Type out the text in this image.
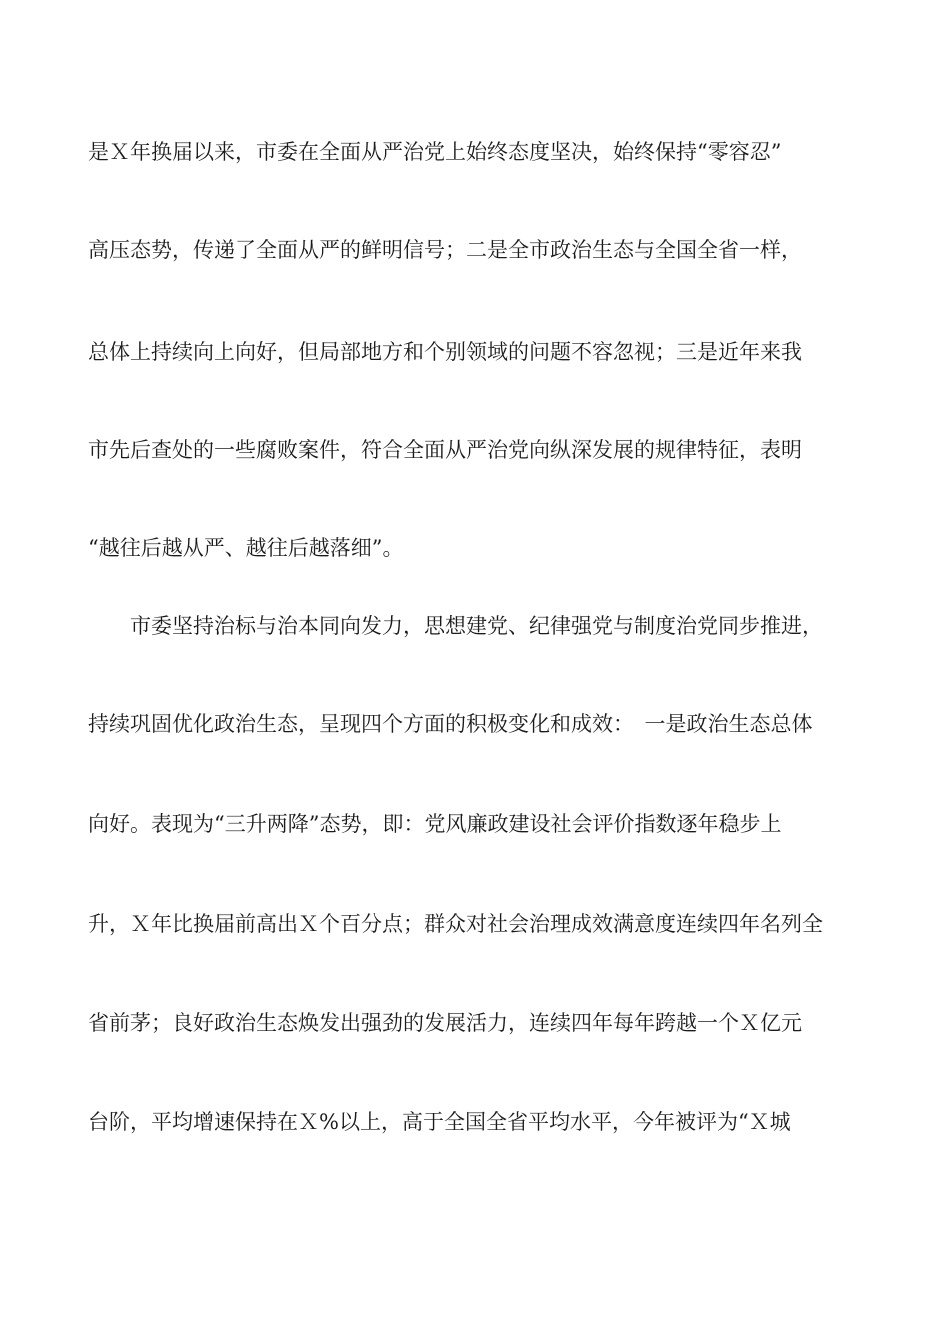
是Ｘ年换届以来，市委在全面从严治党上始终态度坚决，始终保持“零容忍”
高压态势，传递了全面从严的鲜明信号；二是全市政治生态与全国全省一样，
总体上持续向上向好，但局部地方和个别领域的问题不容忽视；三是近年来我
市先后查处的一些腐败案件，符合全面从严治党向纵深发展的规律特征，表明
“越往后越从严、越往后越落细”。
　　市委坚持治标与治本同向发力，思想建党、纪律强党与制度治党同步推进，
持续巩固优化政治生态，呈现四个方面的积极变化和成效：　一是政治生态总体
向好。表现为“三升两降”态势，即：党风廉政建设社会评价指数逐年稳步上
升，Ｘ年比换届前高出Ｘ个百分点；群众对社会治理成效满意度连续四年名列全
省前茅；良好政治生态焕发出强劲的发展活力，连续四年每年跨越一个Ｘ亿元
台阶，平均增速保持在Ｘ%以上，高于全国全省平均水平，今年被评为“Ｘ城
